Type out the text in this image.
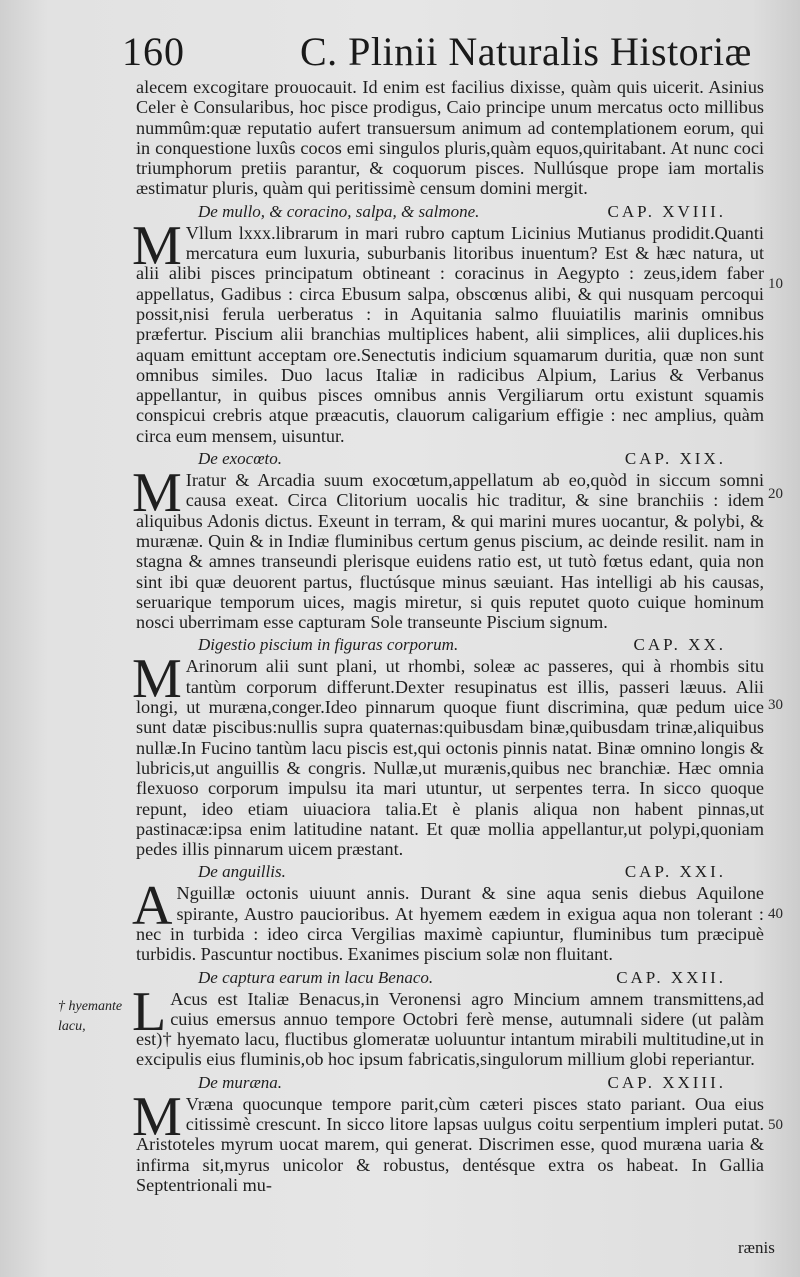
160	C. Plinii Naturalis Historiæ

alecem excogitare prouocauit. Id enim est facilius dixisse, quàm quis uicerit. Asinius Celer è Consularibus, hoc pisce prodigus, Caio principe unum mercatus octo millibus nummûm:quæ reputatio aufert transuersum animum ad contemplationem eorum, qui in conquestione luxûs cocos emi singulos pluris,quàm equos,quiritabant. At nunc coci triumphorum pretiis parantur, & coquorum pisces. Nullúsque prope iam mortalis æstimatur pluris, quàm qui peritissimè censum domini mergit.

De mullo, & coracino, salpa, & salmone.	CAP. XVIII.

M Vllum lxxx.librarum in mari rubro captum Licinius Mutianus prodidit.Quanti mercatura eum luxuria, suburbanis litoribus inuentum? Est & hæc natura, ut alii alibi pisces principatum obtineant : coracinus in Aegypto : zeus,idem faber appellatus, Gadibus : circa Ebusum salpa, obscœnus alibi, & qui nusquam percoqui possit,nisi ferula uerberatus : in Aquitania salmo fluuiatilis marinis omnibus præfertur. Piscium alii branchias multiplices habent, alii simplices, alii duplices.his aquam emittunt acceptam ore.Senectutis indicium squamarum duritia, quæ non sunt omnibus similes. Duo lacus Italiæ in radicibus Alpium, Larius & Verbanus appellantur, in quibus pisces omnibus annis Vergiliarum ortu existunt squamis conspicui crebris atque præacutis, clauorum caligarium effigie : nec amplius, quàm circa eum mensem, uisuntur.

De exocœto.	CAP. XIX.

M Iratur & Arcadia suum exocœtum,appellatum ab eo,quòd in siccum somni causa exeat. Circa Clitorium uocalis hic traditur, & sine branchiis : idem aliquibus Adonis dictus. Exeunt in terram, & qui marini mures uocantur, & polybi, & murænæ. Quin & in Indiæ fluminibus certum genus piscium, ac deinde resilit. nam in stagna & amnes transeundi plerisque euidens ratio est, ut tutò fœtus edant, quia non sint ibi quæ deuorent partus, fluctúsque minus sæuiant. Has intelligi ab his causas, seruarique temporum uices, magis miretur, si quis reputet quoto cuique hominum nosci uberrimam esse capturam Sole transeunte Piscium signum.

Digestio piscium in figuras corporum.	CAP. XX.

M Arinorum alii sunt plani, ut rhombi, soleæ ac passeres, qui à rhombis situ tantùm corporum differunt.Dexter resupinatus est illis, passeri læuus. Alii longi, ut muræna,conger.Ideo pinnarum quoque fiunt discrimina, quæ pedum uice sunt datæ piscibus:nullis supra quaternas:quibusdam binæ,quibusdam trinæ,aliquibus nullæ.In Fucino tantùm lacu piscis est,qui octonis pinnis natat. Binæ omnino longis & lubricis,ut anguillis & congris. Nullæ,ut murænis,quibus nec branchiæ. Hæc omnia flexuoso corporum impulsu ita mari utuntur, ut serpentes terra. In sicco quoque repunt, ideo etiam uiuaciora talia.Et è planis aliqua non habent pinnas,ut pastinacæ:ipsa enim latitudine natant. Et quæ mollia appellantur,ut polypi,quoniam pedes illis pinnarum uicem præstant.

De anguillis.	CAP. XXI.

A Nguillæ octonis uiuunt annis. Durant & sine aqua senis diebus Aquilone spirante, Austro paucioribus. At hyemem eædem in exigua aqua non tolerant : nec in turbida : ideo circa Vergilias maximè capiuntur, fluminibus tum præcipuè turbidis. Pascuntur noctibus. Exanimes piscium solæ non fluitant.

De captura earum in lacu Benaco.	CAP. XXII.

L Acus est Italiæ Benacus,in Veronensi agro Mincium amnem transmittens,ad cuius emersus annuo tempore Octobri ferè mense, autumnali sidere (ut palàm est)† hyemato lacu, fluctibus glomeratæ uoluuntur intantum mirabili multitudine,ut in excipulis eius fluminis,ob hoc ipsum fabricatis,singulorum millium globi reperiantur.

De muræna.	CAP. XXIII.

M Vræna quocunque tempore parit,cùm cæteri pisces stato pariant. Oua eius citissimè crescunt. In sicco litore lapsas uulgus coitu serpentium impleri putat. Aristoteles myrum uocat marem, qui generat. Discrimen esse, quod muræna uaria & infirma sit,myrus unicolor & robustus, dentésque extra os habeat. In Gallia Septentrionali mu-

† hyemante lacu,
10
20
30
40
50
rænis
